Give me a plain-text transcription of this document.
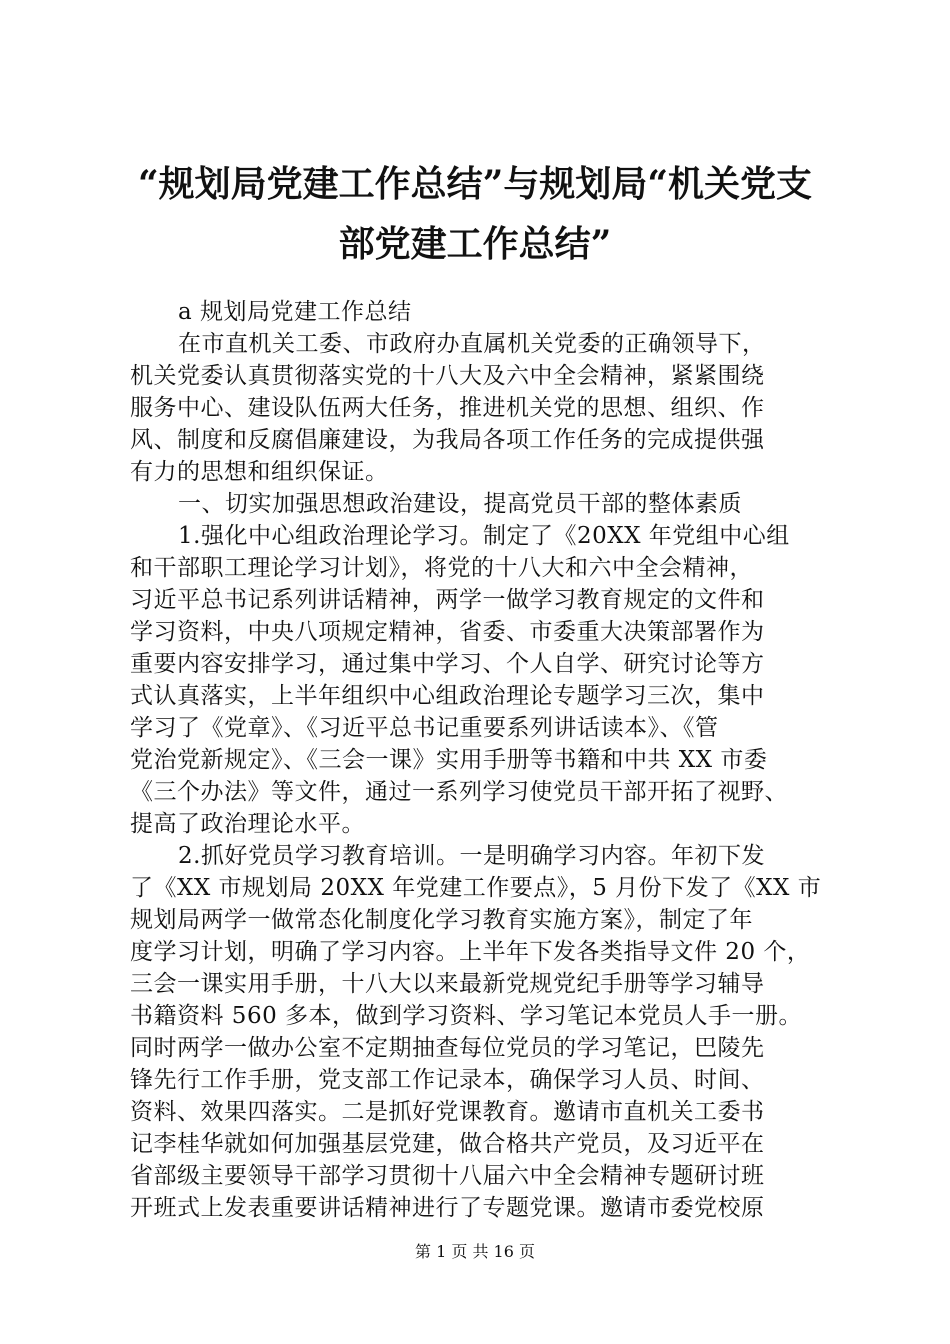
“规划局党建工作总结”与规划局“机关党支
部党建工作总结”
a 规划局党建工作总结
在市直机关工委、市政府办直属机关党委的正确领导下，
机关党委认真贯彻落实党的十八大及六中全会精神，紧紧围绕
服务中心、建设队伍两大任务，推进机关党的思想、组织、作
风、制度和反腐倡廉建设，为我局各项工作任务的完成提供强
有力的思想和组织保证。
一、切实加强思想政治建设，提高党员干部的整体素质
1.强化中心组政治理论学习。制定了《20XX 年党组中心组
和干部职工理论学习计划》，将党的十八大和六中全会精神，
习近平总书记系列讲话精神，两学一做学习教育规定的文件和
学习资料，中央八项规定精神，省委、市委重大决策部署作为
重要内容安排学习，通过集中学习、个人自学、研究讨论等方
式认真落实，上半年组织中心组政治理论专题学习三次，集中
学习了《党章》、《习近平总书记重要系列讲话读本》、《管
党治党新规定》、《三会一课》实用手册等书籍和中共 XX 市委
《三个办法》等文件，通过一系列学习使党员干部开拓了视野、
提高了政治理论水平。
2.抓好党员学习教育培训。一是明确学习内容。年初下发
了《XX 市规划局 20XX 年党建工作要点》，5 月份下发了《XX 市
规划局两学一做常态化制度化学习教育实施方案》，制定了年
度学习计划，明确了学习内容。上半年下发各类指导文件 20 个，
三会一课实用手册，十八大以来最新党规党纪手册等学习辅导
书籍资料 560 多本，做到学习资料、学习笔记本党员人手一册。
同时两学一做办公室不定期抽查每位党员的学习笔记，巴陵先
锋先行工作手册，党支部工作记录本，确保学习人员、时间、
资料、效果四落实。二是抓好党课教育。邀请市直机关工委书
记李桂华就如何加强基层党建，做合格共产党员，及习近平在
省部级主要领导干部学习贯彻十八届六中全会精神专题研讨班
开班式上发表重要讲话精神进行了专题党课。邀请市委党校原
第 1 页 共 16 页
